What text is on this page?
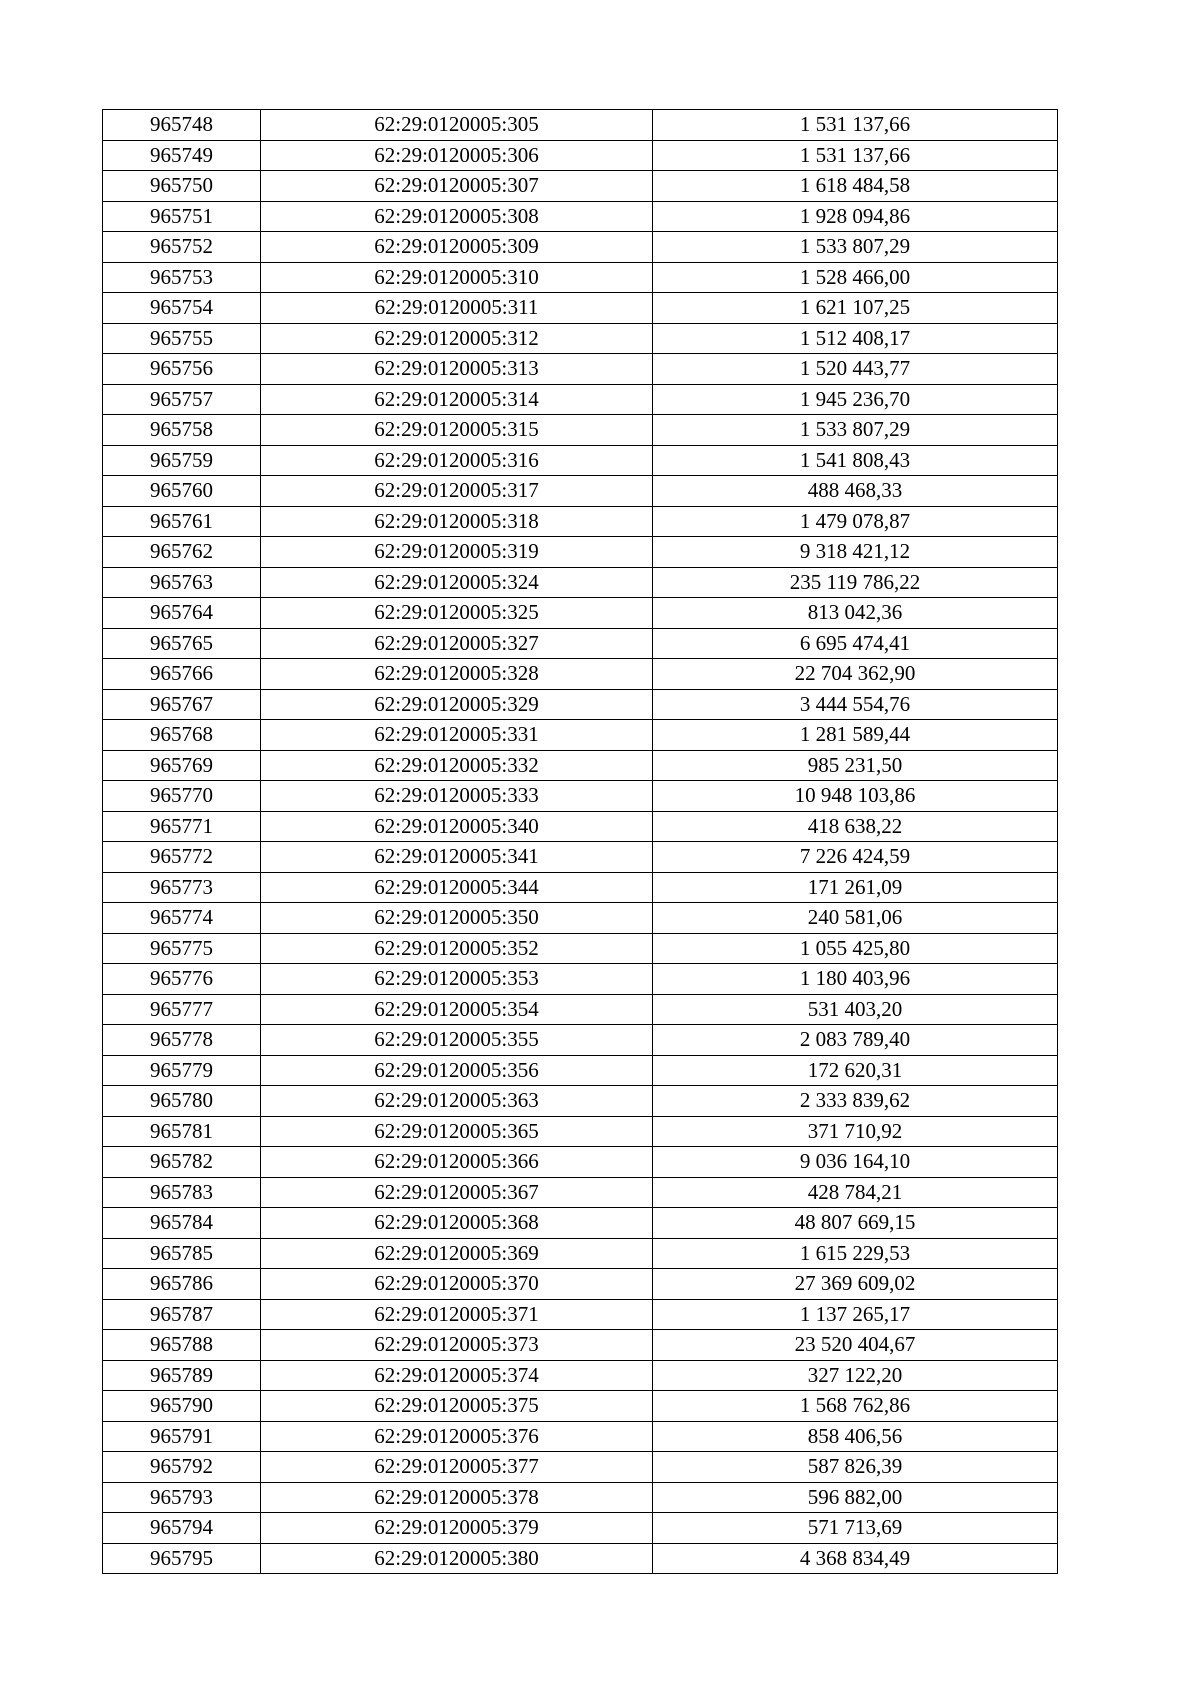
965748	62:29:0120005:305	1 531 137,66
965749	62:29:0120005:306	1 531 137,66
965750	62:29:0120005:307	1 618 484,58
965751	62:29:0120005:308	1 928 094,86
965752	62:29:0120005:309	1 533 807,29
965753	62:29:0120005:310	1 528 466,00
965754	62:29:0120005:311	1 621 107,25
965755	62:29:0120005:312	1 512 408,17
965756	62:29:0120005:313	1 520 443,77
965757	62:29:0120005:314	1 945 236,70
965758	62:29:0120005:315	1 533 807,29
965759	62:29:0120005:316	1 541 808,43
965760	62:29:0120005:317	488 468,33
965761	62:29:0120005:318	1 479 078,87
965762	62:29:0120005:319	9 318 421,12
965763	62:29:0120005:324	235 119 786,22
965764	62:29:0120005:325	813 042,36
965765	62:29:0120005:327	6 695 474,41
965766	62:29:0120005:328	22 704 362,90
965767	62:29:0120005:329	3 444 554,76
965768	62:29:0120005:331	1 281 589,44
965769	62:29:0120005:332	985 231,50
965770	62:29:0120005:333	10 948 103,86
965771	62:29:0120005:340	418 638,22
965772	62:29:0120005:341	7 226 424,59
965773	62:29:0120005:344	171 261,09
965774	62:29:0120005:350	240 581,06
965775	62:29:0120005:352	1 055 425,80
965776	62:29:0120005:353	1 180 403,96
965777	62:29:0120005:354	531 403,20
965778	62:29:0120005:355	2 083 789,40
965779	62:29:0120005:356	172 620,31
965780	62:29:0120005:363	2 333 839,62
965781	62:29:0120005:365	371 710,92
965782	62:29:0120005:366	9 036 164,10
965783	62:29:0120005:367	428 784,21
965784	62:29:0120005:368	48 807 669,15
965785	62:29:0120005:369	1 615 229,53
965786	62:29:0120005:370	27 369 609,02
965787	62:29:0120005:371	1 137 265,17
965788	62:29:0120005:373	23 520 404,67
965789	62:29:0120005:374	327 122,20
965790	62:29:0120005:375	1 568 762,86
965791	62:29:0120005:376	858 406,56
965792	62:29:0120005:377	587 826,39
965793	62:29:0120005:378	596 882,00
965794	62:29:0120005:379	571 713,69
965795	62:29:0120005:380	4 368 834,49
